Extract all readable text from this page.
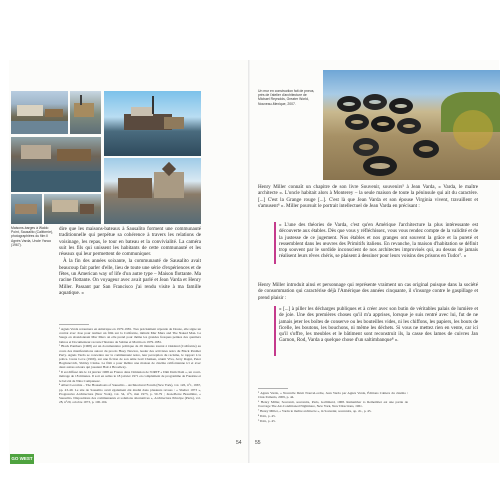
Maisons-barges à Waldo Point, Sausalito (Californie), photographiées du film Il Agnès Varda, Uncle Yanco (1967).

dire que les maisons-bateaux à Sausalito forment une communauté traditionnelle qui perpétue sa cohérence à travers les relations de voisinage, les repas, le tour en bateau et la convivialité. La caméra suit les fils qui unissent les habitants de cette communauté et les réseaux qui leur permettent de communiquer.

À la fin des années soixante, la communauté de Sausalito avait beaucoup fait parler d'elle, lieu de toute une série d'expériences et de fêtes, un American way of life d'un autre type – Maison flottante. Ma racine flottante. On voyageur avec avait parlé et Jean Varda et Henry Miller. Passant par San Francisco j'ai rendu visite à ma famille aquatique. »

¹ Agnès Varda retournera en Amérique en 1979-1981. Tres précisément réponde de Douze, elle signe un contrat avec Jose pour réaliser un film sur la Californie, intitulé Mur Murs and The Naked Man. La Sauge en abandonnant Mur Murs où elle prend pour thème les grandes fresques peintes des quartiers latinos et Documenteur raconte l'histoire de Sabine et Martin en 1979-1981.

² Black Panthers (1968) est un documentaire politique de 26 minutes tourné à Oakland (Californie) au cours des manifestations autour du procès Huey Newton, leader des activistes noirs du Black Panther Party. Agnès Varda se concentre sur la communauté noire, leur perception du racisme, le rapport à la police. Lions Love (1969), sur une fiction de son amie Gail Chaiken, réunit Viva, Jerry Ragni, Peter Bogdanovich, Shirley Clarke. Le film a pour théâtre une maison de cinéma californienne ici et avec deux autres acteurs qui jouaient Hair à Broadway.

³ Il est diffusé dès le 14 janvier 1968 en France dans l'émission de l'ORTF « Dim Dam Dom », un court-métrage de 18 minutes. Il sort en salles le 18 janvier 1971 en complément de programme de Faustine et le bel été de Nina Companeez.

⁴ Albert Lecomte – The Houseboats of Sausalito – Architectural Forum (New York), vol. 126, n°1, 1967, pp. 43-49. Le site de Sausalito avait également été étudié dans plusieurs revues : « Shelter 1973 », Progressive Architecture (New York), vol. 54, n°5, mai 1973, p. 50-79 ; Jean-Pierre Breuillère, « Sausalito. Dispositions des communautés et solutions alternatives », Architecture Principe (Paris), vol. 28, n°20, octobre 1973, p. 100-104.

54
Un mur en construction fait de pneus, près de l'atelier d'architecture de Michael Reynolds, Greater World, Nouveau-Mexique, 2007.

Henry Miller connaît un chapitre de son livre Souvenir, souvenirs⁵ à Jean Varda, « Varda, le maître architecte ». L'oncle habitait alors à Monterey – la seule maison de toute la péninsule qui ait du caractère. [...] C'est la Grange rouge [...]. C'est là que Jean Varda et son épouse Virginia vivent, travaillent et s'amusent⁶ ». Miller poursuit le portrait intellectuel de Jean Varda en précisant :

« L'une des théories de Varda, c'est qu'en Amérique l'architecture la plus intéressante est découverte aux étables. Dès que vous y réfléchissez, vous vous rendez compte de la validité et de la justesse de ce jugement. Nos étables et nos granges ont souvent la grâce et la pureté et ressemblent dans les œuvres des Primitifs italiens. En revanche, la maison d'habitation se définit trop souvent par le sordide inconscient de nos architectes improvisés qui, au dessus de jamais réalisent leurs rêves chéris, se plaisent à dessiner pour leurs voisins des prisons en Tudor⁷. »

Henry Miller introduit ainsi et personnage qui représente vraiment un cas original puisque dans la société de consommation qui caractérise déjà l'Amérique des années cinquante, il s'insurge contre le gaspillage et prend plaisir :

« [...] à piller les décharges publiques et à créer avec son butin de véritables palais de lumière et de joie. Une des premières choses qu'il m'a apprises, lorsque je suis rentré avec lui, fut de ne jamais jeter les boîtes de conserve ou les bouteilles vides, ni les chiffons, les papiers, les bouts de ficelle, les boutons, les bouchons, ni même les déchets. Si vous ne mettez rien en vente, car ici qu'il s'offre, les meubles et le bâtiment sont reconstruit ils, la casse des lames de cuivres Jan Garnon, Rod, Varda a quelque chose d'un saltimbanque⁸ ».

⁵ Agnès Varda, « Nouvelle Désir Nouvel-ordre, Jean Varda par Agnès Varda, Éditions Cahiers du cinéma / Ciné-Tamaris, 2009, p. 44.

⁶ Henry Miller, Souvenir, souvenirs, Paris, Gallimard, 1968. Remember to Remember est une partie de l'ouvrage The Air-Conditioned Nightmare, New York, New Directions, 1961.

⁷ Henry Miller, « Varda le maître architecte », in Souvenir, souvenirs, op. cit., p. 45.

⁸ Ibid., p. 45.

⁹ Ibid., p. 45.

55
GO WEST
